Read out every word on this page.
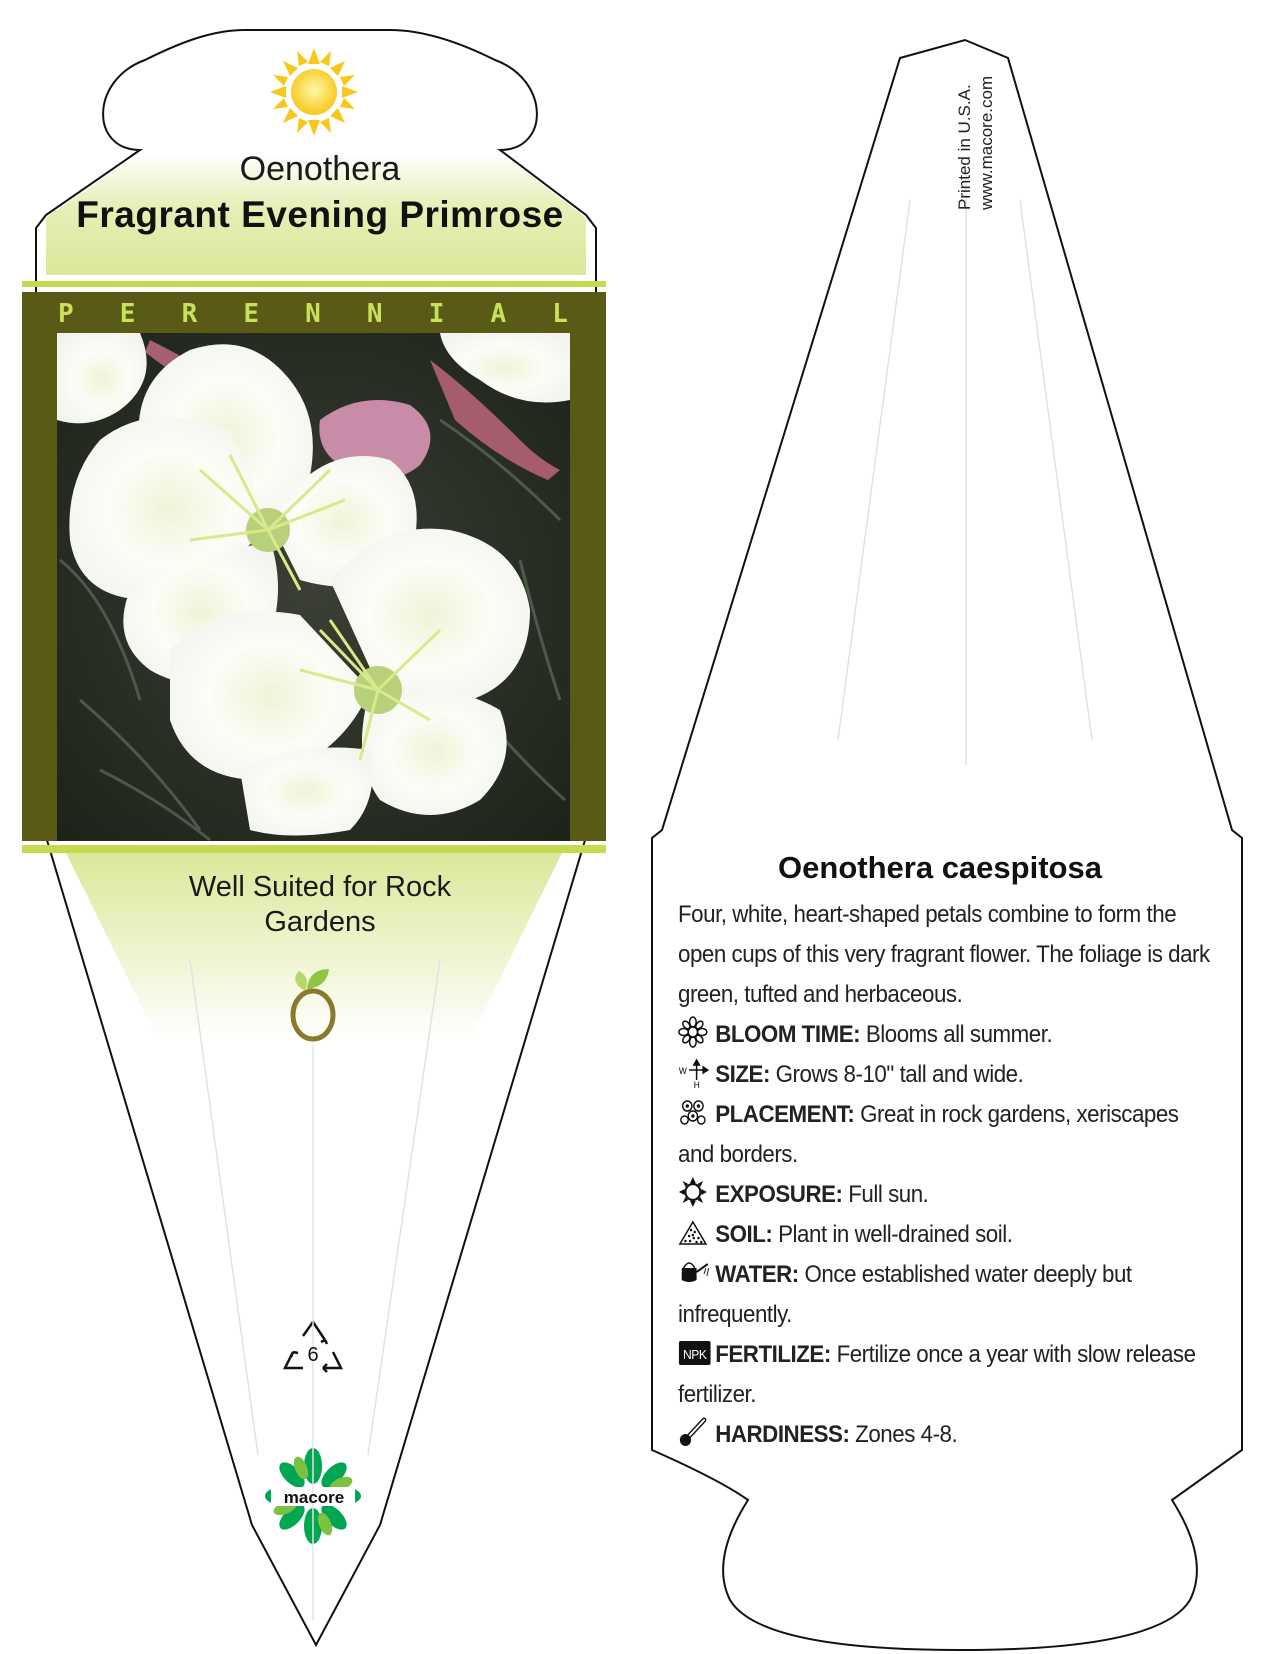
Oenothera
Fragrant Evening Primrose
P E R E N N I A L
Well Suited for Rock Gardens
6
macore
Printed in U.S.A. www.macore.com
Oenothera caespitosa

Four, white, heart-shaped petals combine to form the open cups of this very fragrant flower. The foliage is dark green, tufted and herbaceous.

BLOOM TIME: Blooms all summer.
W
H SIZE: Grows 8-10" tall and wide.
PLACEMENT: Great in rock gardens, xeriscapes and borders.
EXPOSURE: Full sun.
SOIL: Plant in well-drained soil.
WATER: Once established water deeply but infrequently.
NPK FERTILIZE: Fertilize once a year with slow release fertilizer.
HARDINESS: Zones 4-8.
